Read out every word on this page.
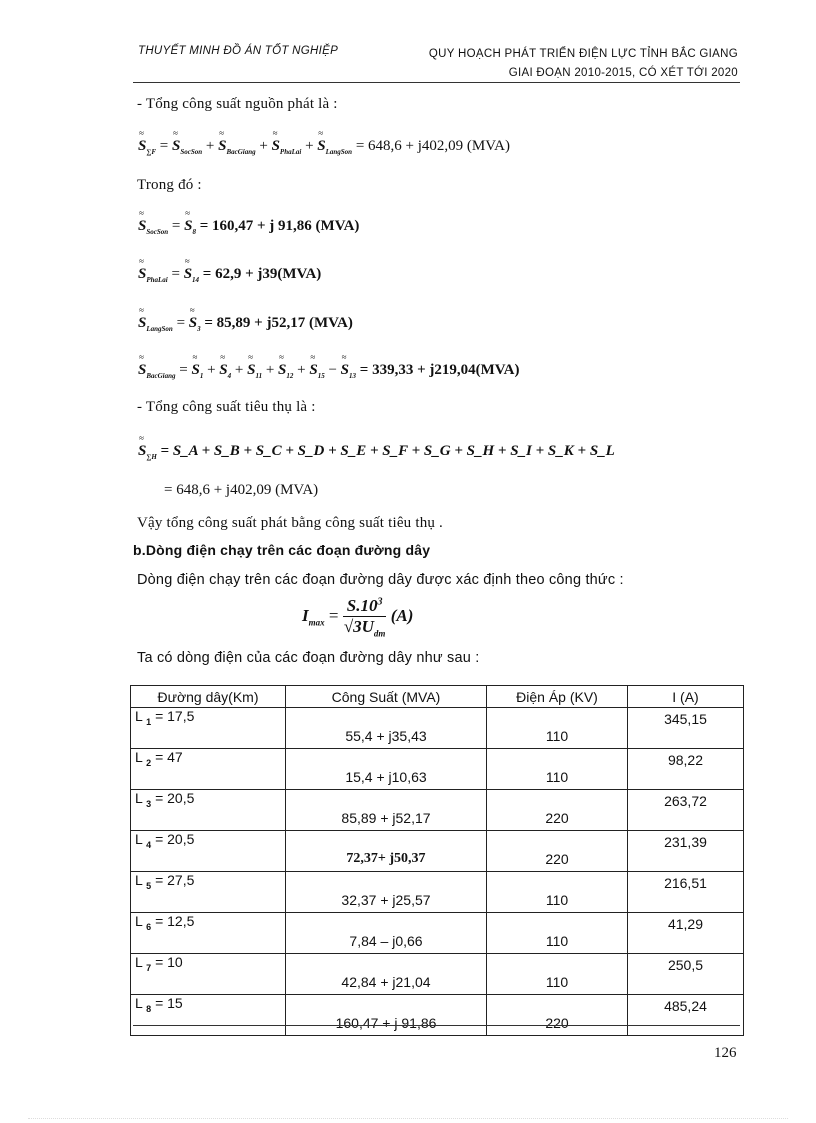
THUYẾT MINH ĐỒ ÁN TỐT NGHIỆP	QUY HOẠCH PHÁT TRIỂN ĐIỆN LỰC TỈNH BẮC GIANG
GIAI ĐOẠN 2010-2015, CÓ XÉT TỚI 2020
- Tổng công suất nguồn phát là :
≈ $S_{\sum F}$ = ≈ $S_{SocSon}$ + ≈ $S_{BacGiang}$ + ≈ $S_{PhaLai}$ + ≈ $S_{LangSon} = 648,6 + j402,09$ (MVA)
Trong đó :
≈ $S_{SocSon}$ = ≈ $S_8 = 160,47 + j$ 91,86 (MVA)
≈ $S_{PhaLai}$ = ≈ $S_{14} = 62,9 + j39(MVA)$
≈ $S_{LangSon}$ = ≈ $S_3 = 85,89 + j52,17$ (MVA)
≈ $S_{BacGiang}$ = ≈ $S_1$ + ≈ $S_4$ + ≈ $S_{11}$ + ≈ $S_{12}$ + ≈ $S_{15}$ − ≈ $S_{13} = 339,33 + j219,04(MVA)$
- Tổng công suất tiêu thụ là :
≈ $S_{\sum H}$ = S_A + S_B + S_C + S_D + S_E + S_F + S_G + S_H + S_I + S_K + S_L
= 648,6 + j402,09 (MVA)
Vậy tổng công suất phát bằng công suất tiêu thụ .
b.Dòng điện chạy trên các đoạn đường dây
Dòng điện chạy trên các đoạn đường dây được xác định theo công thức :
$I_{max} = \frac{S.10^3}{√3U_{dm}} (A)$
Ta có dòng điện của các đoạn đường dây như sau :
Đường dây(Km)	Công Suất (MVA)	Điện Áp (KV)	I (A)
L $_1$ = 17,5	55,4 + j35,43	110	345,15
L $_2$ = 47	15,4 + j10,63	110	98,22
L $_3$ = 20,5	85,89 + j52,17	220	263,72
L $_4$ = 20,5	72,37+ j50,37	220	231,39
L $_5$ = 27,5	32,37 + j25,57	110	216,51
L $_6$ = 12,5	7,84 – j0,66	110	41,29
L $_7$ = 10	42,84 + j21,04	110	250,5
L $_8$ = 15	160,47 + j 91,86	220	485,24
126
